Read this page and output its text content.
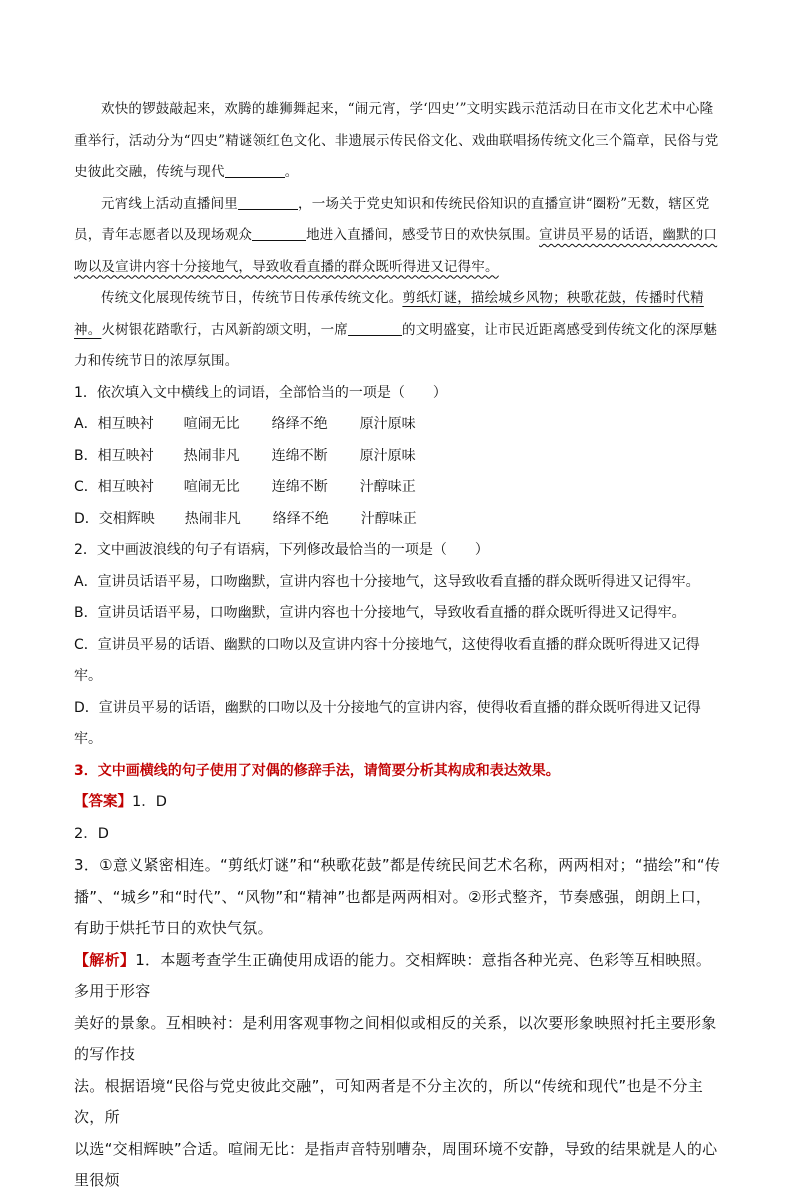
欢快的锣鼓敲起来，欢腾的雄狮舞起来，“闹元宵，学‘四史’”文明实践示范活动日在市文化艺术中心隆重举行，活动分为“四史”精谜领红色文化、非遗展示传民俗文化、戏曲联唱扬传统文化三个篇章，民俗与党史彼此交融，传统与现代	。

元宵线上活动直播间里	，一场关于党史知识和传统民俗知识的直播宣讲“圈粉”无数，辖区党员，青年志愿者以及现场观众	地进入直播间，感受节日的欢快氛围。宣讲员平易的话语，幽默的口吻以及宣讲内容十分接地气，导致收看直播的群众既听得进又记得牢。

传统文化展现传统节日，传统节日传承传统文化。剪纸灯谜，描绘城乡风物；秧歌花鼓，传播时代精神。火树银花踏歌行，古风新韵颂文明，一席	的文明盛宴，让市民近距离感受到传统文化的深厚魅力和传统节日的浓厚氛围。

1．依次填入文中横线上的词语，全部恰当的一项是（　　）

A．相互映衬 喧闹无比 络绎不绝 原汁原味

B．相互映衬 热闹非凡 连绵不断 原汁原味

C．相互映衬 喧闹无比 连绵不断 汁醇味正

D．交相辉映 热闹非凡 络绎不绝 汁醇味正

2．文中画波浪线的句子有语病，下列修改最恰当的一项是（　　）

A．宣讲员话语平易，口吻幽默，宣讲内容也十分接地气，这导致收看直播的群众既听得进又记得牢。

B．宣讲员话语平易，口吻幽默，宣讲内容也十分接地气，导致收看直播的群众既听得进又记得牢。

C．宣讲员平易的话语、幽默的口吻以及宣讲内容十分接地气，这使得收看直播的群众既听得进又记得牢。

D．宣讲员平易的话语，幽默的口吻以及十分接地气的宣讲内容，使得收看直播的群众既听得进又记得牢。

3．文中画横线的句子使用了对偶的修辞手法，请简要分析其构成和表达效果。

【答案】1．D

2．D

3．①意义紧密相连。“剪纸灯谜”和“秧歌花鼓”都是传统民间艺术名称，两两相对；“描绘”和“传

播”、“城乡”和“时代”、“风物”和“精神”也都是两两相对。②形式整齐，节奏感强，朗朗上口，

有助于烘托节日的欢快气氛。

【解析】1．本题考查学生正确使用成语的能力。交相辉映：意指各种光亮、色彩等互相映照。多用于形容

美好的景象。互相映衬：是利用客观事物之间相似或相反的关系，以次要形象映照衬托主要形象的写作技

法。根据语境“民俗与党史彼此交融”，可知两者是不分主次的，所以“传统和现代”也是不分主次，所

以选“交相辉映”合适。喧闹无比：是指声音特别嘈杂，周围环境不安静，导致的结果就是人的心里很烦
